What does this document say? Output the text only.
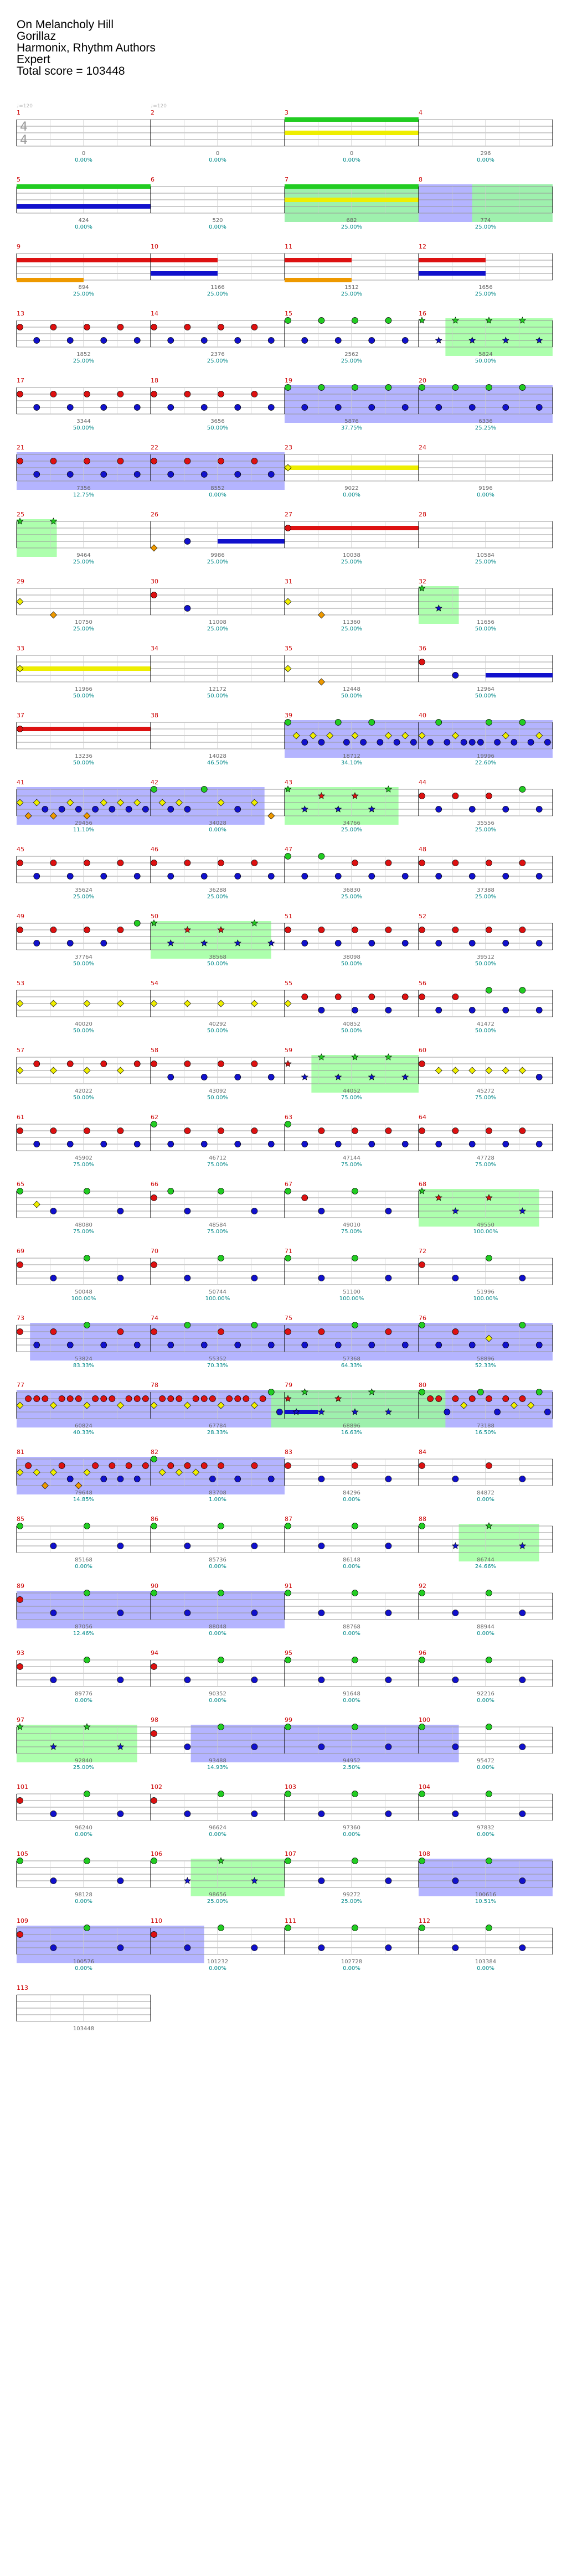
On Melancholy Hill
Gorillaz
Harmonix, Rhythm Authors
Expert
Total score = 103448
1
4
4
♩=120
0
0.00%
2
♩=120
0
0.00%
3
0
0.00%
4
296
0.00%
5
424
0.00%
6
520
0.00%
7
682
25.00%
8
774
25.00%
9
894
25.00%
10
1166
25.00%
11
1512
25.00%
12
1656
25.00%
13
1852
25.00%
14
2376
25.00%
15
2562
25.00%
16
5824
50.00%
17
3344
50.00%
18
3656
50.00%
19
5876
37.75%
20
6336
25.25%
21
7356
12.75%
22
8552
0.00%
23
9022
0.00%
24
9196
0.00%
25
9464
25.00%
26
9986
25.00%
27
10038
25.00%
28
10584
25.00%
29
10750
25.00%
30
11008
25.00%
31
11360
25.00%
32
11656
50.00%
33
11966
50.00%
34
12172
50.00%
35
12448
50.00%
36
12964
50.00%
37
13236
50.00%
38
14028
46.50%
39
18712
34.10%
40
19996
22.60%
41
29456
11.10%
42
34028
0.00%
43
34766
25.00%
44
35556
25.00%
45
35624
25.00%
46
36288
25.00%
47
36830
25.00%
48
37388
25.00%
49
37764
50.00%
50
38568
50.00%
51
38098
50.00%
52
39512
50.00%
53
40020
50.00%
54
40292
50.00%
55
40852
50.00%
56
41472
50.00%
57
42022
50.00%
58
43092
50.00%
59
44052
75.00%
60
45272
75.00%
61
45902
75.00%
62
46712
75.00%
63
47144
75.00%
64
47728
75.00%
65
48080
75.00%
66
48584
75.00%
67
49010
75.00%
68
49550
100.00%
69
50048
100.00%
70
50744
100.00%
71
51100
100.00%
72
51996
100.00%
73
53824
83.33%
74
55352
70.33%
75
57368
64.33%
76
58896
52.33%
77
60824
40.33%
78
67784
28.33%
79
68896
16.63%
80
73188
16.50%
81
79648
14.85%
82
83708
1.00%
83
84296
0.00%
84
84872
0.00%
85
85168
0.00%
86
85736
0.00%
87
86148
0.00%
88
86744
24.66%
89
87056
12.46%
90
88048
0.00%
91
88768
0.00%
92
88944
0.00%
93
89776
0.00%
94
90352
0.00%
95
91648
0.00%
96
92216
0.00%
97
92840
25.00%
98
93488
14.93%
99
94952
2.50%
100
95472
0.00%
101
96240
0.00%
102
96624
0.00%
103
97360
0.00%
104
97832
0.00%
105
98128
0.00%
106
98656
25.00%
107
99272
25.00%
108
100616
10.51%
109
100576
0.00%
110
101232
0.00%
111
102728
0.00%
112
103384
0.00%
113
103448
